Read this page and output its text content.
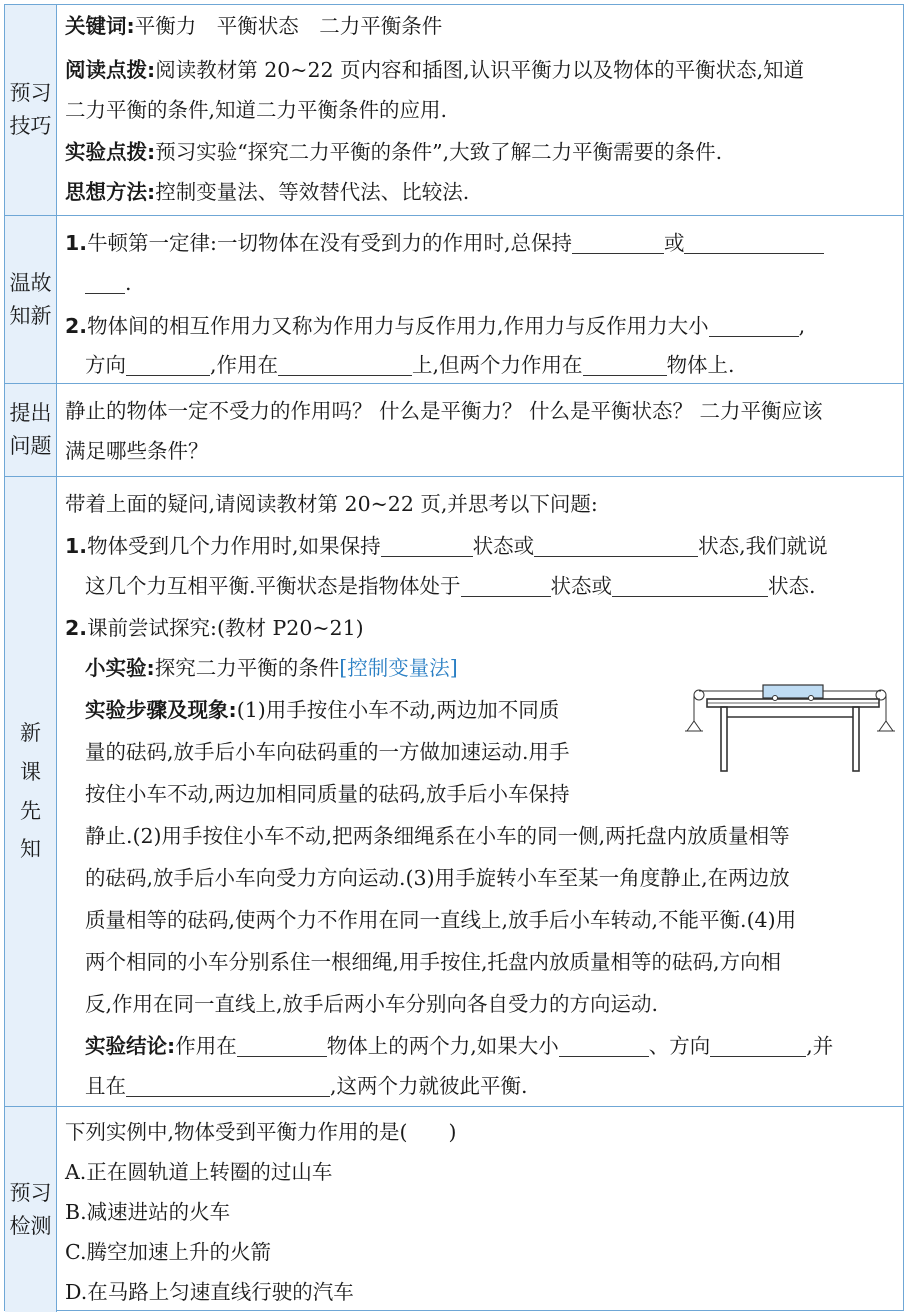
预习
技巧
关键词:平衡力　平衡状态　二力平衡条件
阅读点拨:阅读教材第 20~22 页内容和插图,认识平衡力以及物体的平衡状态,知道
二力平衡的条件,知道二力平衡条件的应用.
实验点拨:预习实验“探究二力平衡的条件”,大致了解二力平衡需要的条件.
思想方法:控制变量法、等效替代法、比较法.
温故
知新
1.牛顿第一定律:一切物体在没有受到力的作用时,总保持	或
.
2.物体间的相互作用力又称为作用力与反作用力,作用力与反作用力大小	,
方向	,作用在	上,但两个力作用在	物体上.
提出
问题
静止的物体一定不受力的作用吗？ 什么是平衡力？ 什么是平衡状态？ 二力平衡应该
满足哪些条件？
新
课
先
知
带着上面的疑问,请阅读教材第 20~22 页,并思考以下问题:
1.物体受到几个力作用时,如果保持	状态或	状态,我们就说
这几个力互相平衡.平衡状态是指物体处于	状态或	状态.
2.课前尝试探究:(教材 P20~21)
小实验:探究二力平衡的条件[控制变量法]
实验步骤及现象:(1)用手按住小车不动,两边加不同质
量的砝码,放手后小车向砝码重的一方做加速运动.用手
按住小车不动,两边加相同质量的砝码,放手后小车保持
静止.(2)用手按住小车不动,把两条细绳系在小车的同一侧,两托盘内放质量相等
的砝码,放手后小车向受力方向运动.(3)用手旋转小车至某一角度静止,在两边放
质量相等的砝码,使两个力不作用在同一直线上,放手后小车转动,不能平衡.(4)用
两个相同的小车分别系住一根细绳,用手按住,托盘内放质量相等的砝码,方向相
反,作用在同一直线上,放手后两小车分别向各自受力的方向运动.
实验结论:作用在	物体上的两个力,如果大小	、方向	,并
且在	,这两个力就彼此平衡.
预习
检测
下列实例中,物体受到平衡力作用的是(　　)
A.正在圆轨道上转圈的过山车
B.减速进站的火车
C.腾空加速上升的火箭
D.在马路上匀速直线行驶的汽车
